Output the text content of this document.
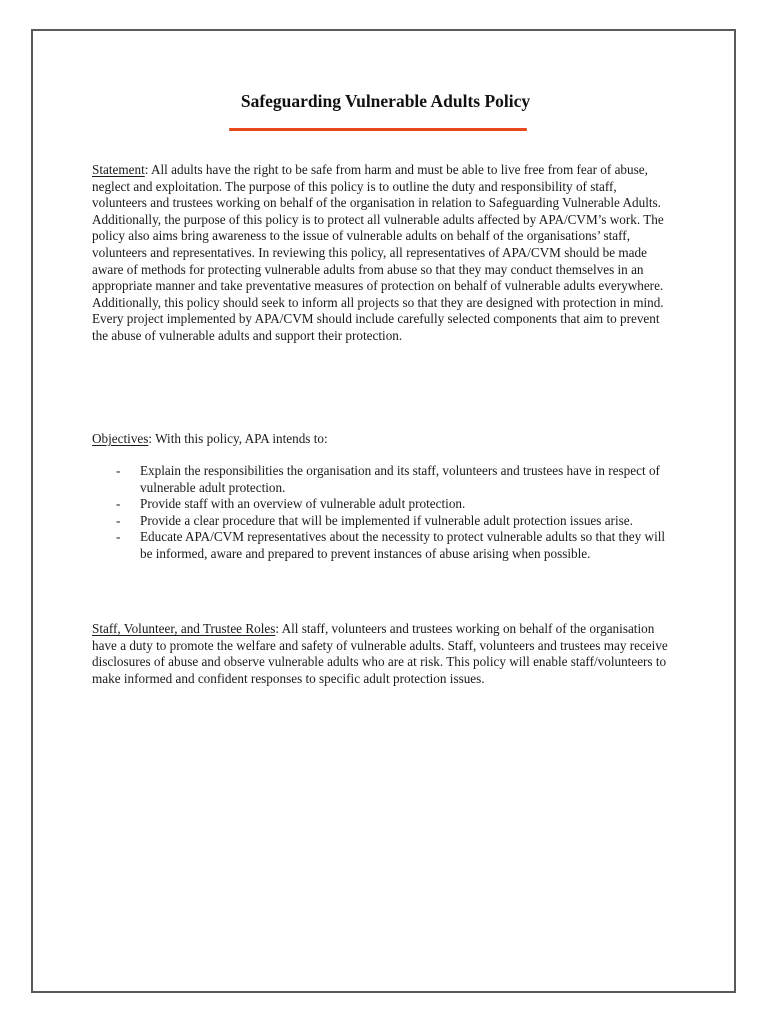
Safeguarding Vulnerable Adults Policy

Statement: All adults have the right to be safe from harm and must be able to live free from fear of abuse, neglect and exploitation. The purpose of this policy is to outline the duty and responsibility of staff, volunteers and trustees working on behalf of the organisation in relation to Safeguarding Vulnerable Adults. Additionally, the purpose of this policy is to protect all vulnerable adults affected by APA/CVM’s work. The policy also aims bring awareness to the issue of vulnerable adults on behalf of the organisations’ staff, volunteers and representatives. In reviewing this policy, all representatives of APA/CVM should be made aware of methods for protecting vulnerable adults from abuse so that they may conduct themselves in an appropriate manner and take preventative measures of protection on behalf of vulnerable adults everywhere. Additionally, this policy should seek to inform all projects so that they are designed with protection in mind. Every project implemented by APA/CVM should include carefully selected components that aim to prevent the abuse of vulnerable adults and support their protection.

Objectives: With this policy, APA intends to:

- Explain the responsibilities the organisation and its staff, volunteers and trustees have in respect of vulnerable adult protection.
- Provide staff with an overview of vulnerable adult protection.
- Provide a clear procedure that will be implemented if vulnerable adult protection issues arise.
- Educate APA/CVM representatives about the necessity to protect vulnerable adults so that they will be informed, aware and prepared to prevent instances of abuse arising when possible.

Staff, Volunteer, and Trustee Roles: All staff, volunteers and trustees working on behalf of the organisation have a duty to promote the welfare and safety of vulnerable adults. Staff, volunteers and trustees may receive disclosures of abuse and observe vulnerable adults who are at risk. This policy will enable staff/volunteers to make informed and confident responses to specific adult protection issues.
